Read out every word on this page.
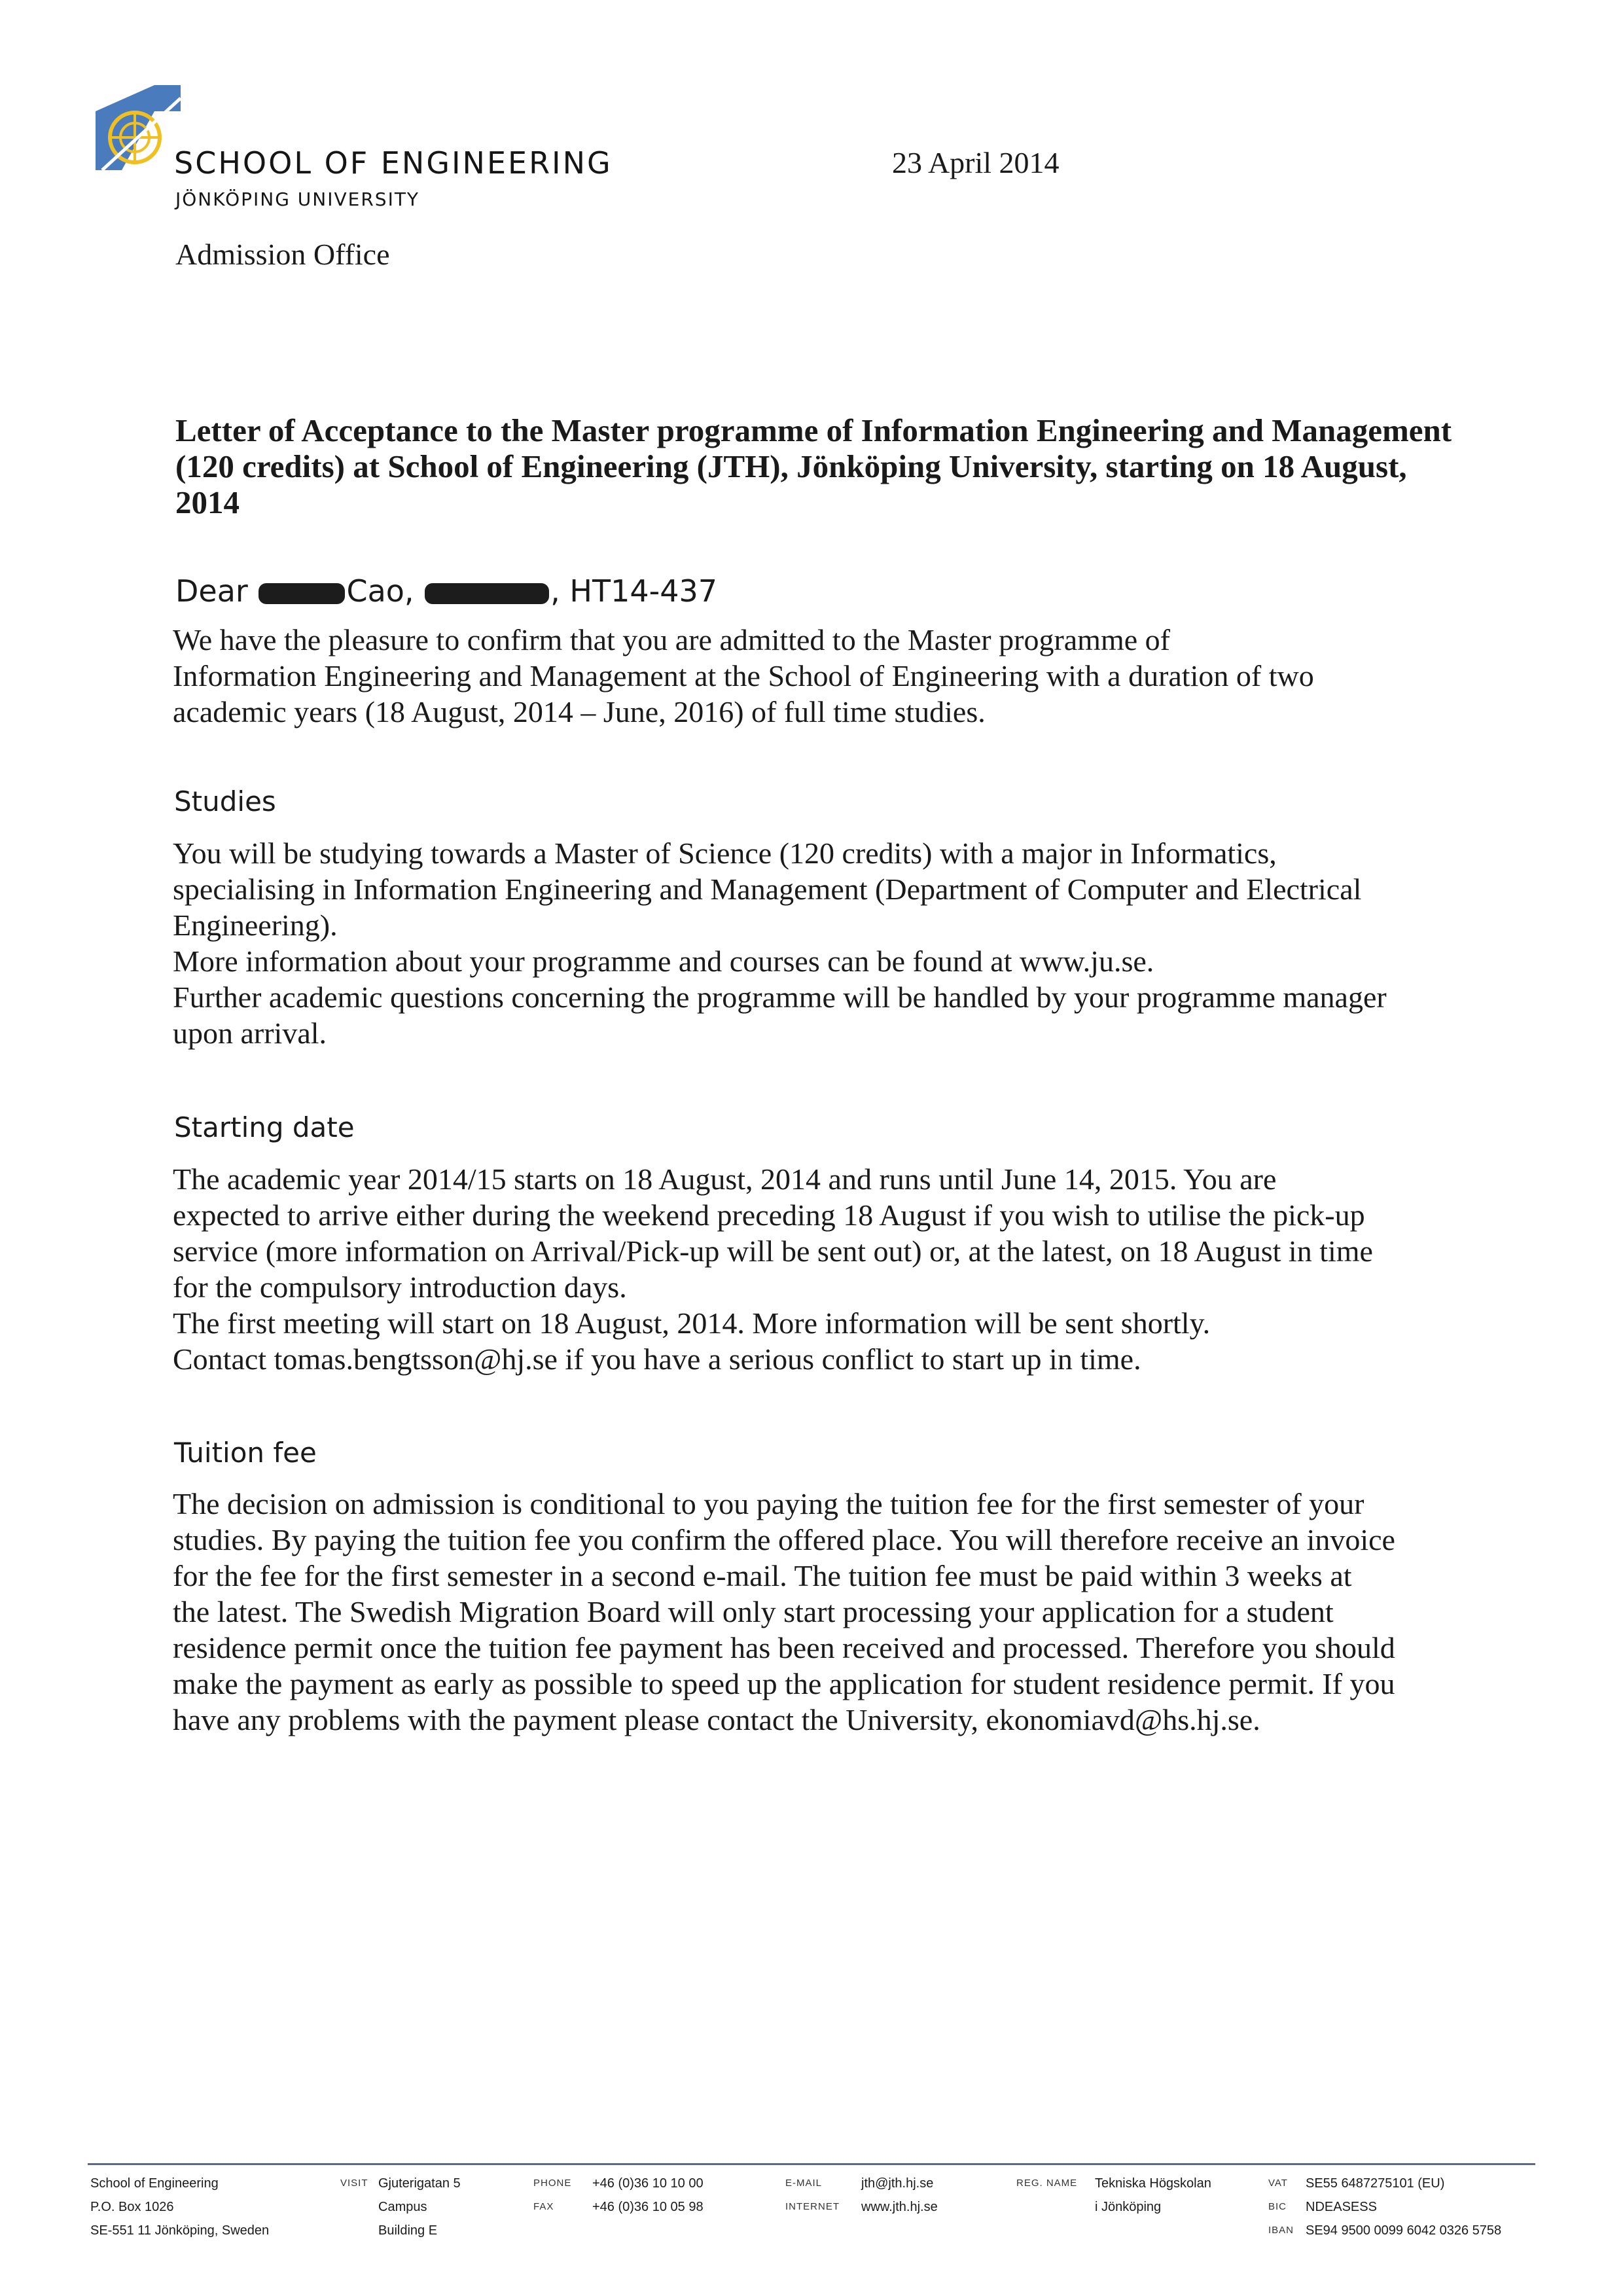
SCHOOL OF ENGINEERING
JÖNKÖPING UNIVERSITY
Admission Office
23 April 2014
Letter of Acceptance to the Master programme of Information Engineering and Management
(120 credits) at School of Engineering (JTH), Jönköping University, starting on 18 August,
2014
Dear	Cao,	, HT14-437
We have the pleasure to confirm that you are admitted to the Master programme of
Information Engineering and Management at the School of Engineering with a duration of two
academic years (18 August, 2014 – June, 2016) of full time studies.
Studies
You will be studying towards a Master of Science (120 credits) with a major in Informatics,
specialising in Information Engineering and Management (Department of Computer and Electrical
Engineering).
More information about your programme and courses can be found at www.ju.se.
Further academic questions concerning the programme will be handled by your programme manager
upon arrival.
Starting date
The academic year 2014/15 starts on 18 August, 2014 and runs until June 14, 2015. You are
expected to arrive either during the weekend preceding 18 August if you wish to utilise the pick-up
service (more information on Arrival/Pick-up will be sent out) or, at the latest, on 18 August in time
for the compulsory introduction days.
The first meeting will start on 18 August, 2014. More information will be sent shortly.
Contact tomas.bengtsson@hj.se if you have a serious conflict to start up in time.
Tuition fee
The decision on admission is conditional to you paying the tuition fee for the first semester of your
studies. By paying the tuition fee you confirm the offered place. You will therefore receive an invoice
for the fee for the first semester in a second e-mail. The tuition fee must be paid within 3 weeks at
the latest. The Swedish Migration Board will only start processing your application for a student
residence permit once the tuition fee payment has been received and processed. Therefore you should
make the payment as early as possible to speed up the application for student residence permit. If you
have any problems with the payment please contact the University, ekonomiavd@hs.hj.se.
School of Engineering
P.O. Box 1026
SE-551 11 Jönköping, Sweden
VISIT Gjuterigatan 5
Campus
Building E
PHONE +46 (0)36 10 10 00
FAX	+46 (0)36 10 05 98
E-MAIL	jth@jth.hj.se
INTERNET www.jth.hj.se
REG. NAME Tekniska Högskolan
i Jönköping
VAT SE55 6487275101 (EU)
BIC NDEASESS
IBAN SE94 9500 0099 6042 0326 5758
